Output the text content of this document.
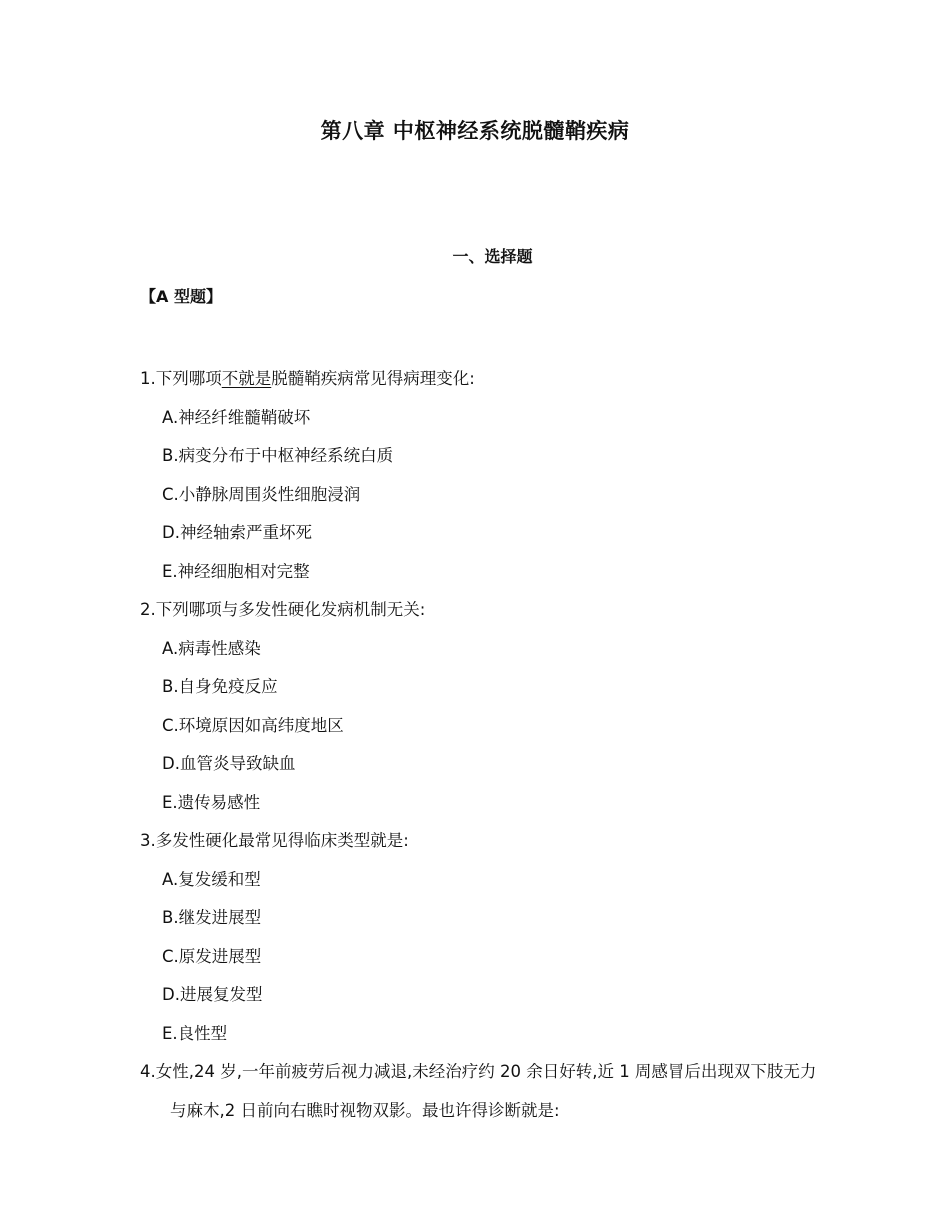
第八章 中枢神经系统脱髓鞘疾病
一、选择题
【A 型题】
1.下列哪项不就是脱髓鞘疾病常见得病理变化:
A.神经纤维髓鞘破坏
B.病变分布于中枢神经系统白质
C.小静脉周围炎性细胞浸润
D.神经轴索严重坏死
E.神经细胞相对完整
2.下列哪项与多发性硬化发病机制无关:
A.病毒性感染
B.自身免疫反应
C.环境原因如高纬度地区
D.血管炎导致缺血
E.遗传易感性
3.多发性硬化最常见得临床类型就是:
A.复发缓和型
B.继发进展型
C.原发进展型
D.进展复发型
E.良性型
4.女性,24 岁,一年前疲劳后视力减退,未经治疗约 20 余日好转,近 1 周感冒后出现双下肢无力与麻木,2 日前向右瞧时视物双影。最也许得诊断就是:
